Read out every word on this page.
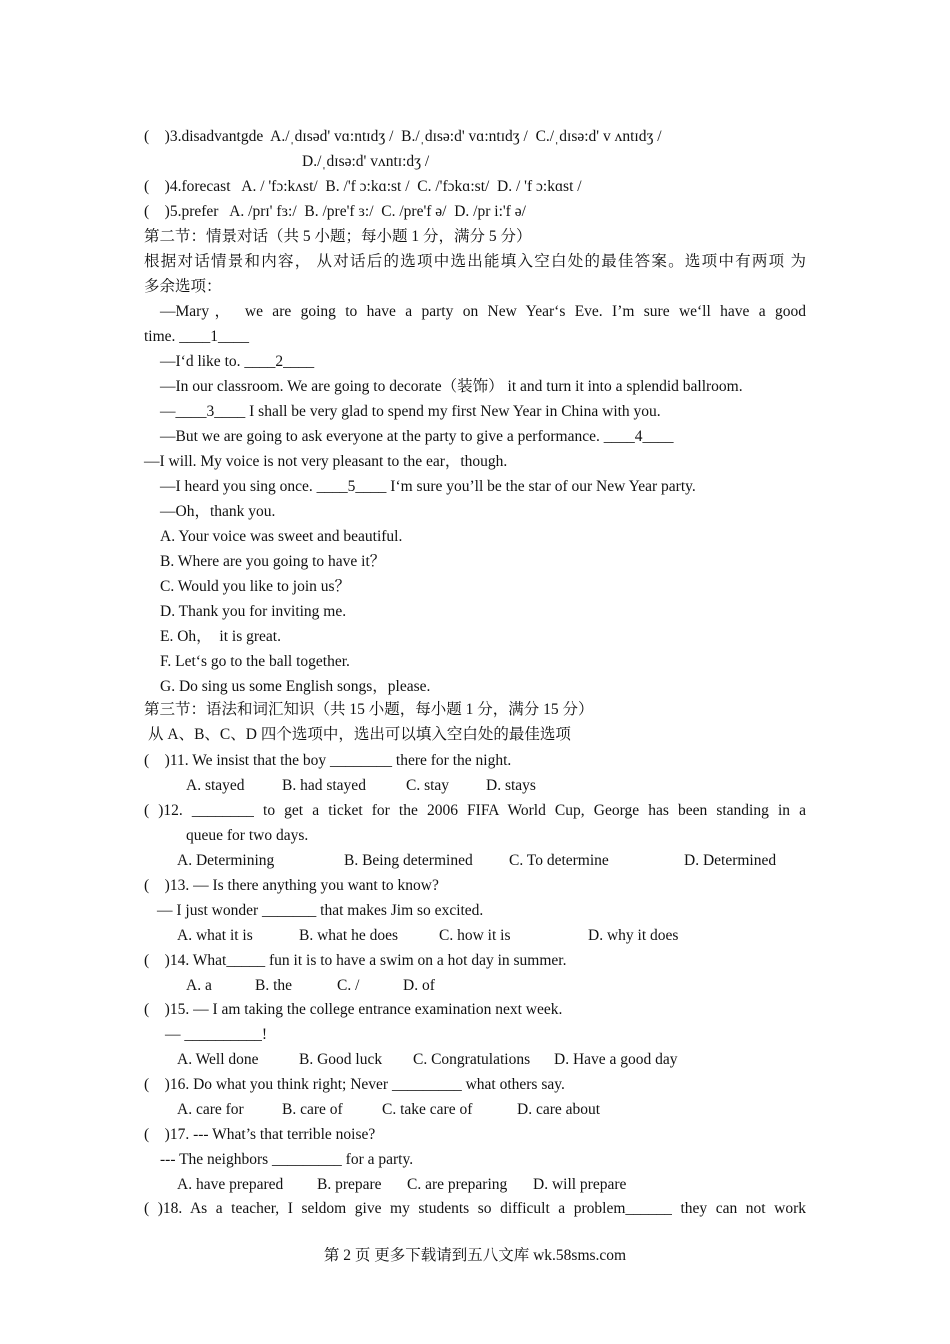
(    )3.disadvantgde  A./ˌdɪsəd' vɑ:ntɪdʒ /  B./ˌdɪsə:d' vɑ:ntɪdʒ /  C./ˌdɪsə:d' v ʌntɪdʒ /
D./ˌdɪsə:d' vʌntɪ:dʒ /
(    )4.forecast   A. / 'fɔ:kʌst/  B. /'f ɔ:kɑ:st /  C. /'fɔkɑ:st/  D. / 'f ɔ:kɑst /
(    )5.prefer   A. /prɪ' fɜ:/  B. /pre'f ɜ:/  C. /pre'f ə/  D. /pr i:'f ə/
第二节：情景对话（共 5 小题；每小题 1 分，满分 5 分）
根据对话情景和内容， 从对话后的选项中选出能填入空白处的最佳答案。选项中有两项 为
多余选项：
—Mary， we are going to have a party on New Year‘s Eve. I’m sure we‘ll have a good
time. ____1____
—I‘d like to. ____2____
—In our classroom. We are going to decorate（装饰） it and turn it into a splendid ballroom.
—____3____ I shall be very glad to spend my first New Year in China with you.
—But we are going to ask everyone at the party to give a performance. ____4____
—I will. My voice is not very pleasant to the ear，though.
—I heard you sing once. ____5____ I‘m sure you’ll be the star of our New Year party.
—Oh，thank you.
A. Your voice was sweet and beautiful.
B. Where are you going to have it？
C. Would you like to join us？
D. Thank you for inviting me.
E. Oh，  it is great.
F. Let‘s go to the ball together.
G. Do sing us some English songs，please.
第三节：语法和词汇知识（共 15 小题，每小题 1 分，满分 15 分）
从 A、B、C、D 四个选项中，选出可以填入空白处的最佳选项
(    )11. We insist that the boy ________ there for the night.
A. stayed B. had stayed	C. stay D. stays
( )12. ________ to get a ticket for the 2006 FIFA World Cup, George has been standing in a
queue for two days.
A. Determining	B. Being determined C. To determine	D. Determined
(    )13. — Is there anything you want to know?
— I just wonder _______ that makes Jim so excited.
A. what it is	B. what he does	C. how it is	D. why it does
(    )14. What_____ fun it is to have a swim on a hot day in summer.
A. a	B. the	C. /	D. of
(    )15. — I am taking the college entrance examination next week.
— __________!
A. Well done	B. Good luck C. Congratulations D. Have a good day
(    )16. Do what you think right; Never _________ what others say.
A. care for B. care of	C. take care of	D. care about
(    )17. --- What’s that terrible noise?
--- The neighbors _________ for a party.
A. have prepared B. prepare C. are preparing D. will prepare
( )18. As a teacher, I seldom give my students so difficult a problem______ they can not work
第 2 页 更多下载请到五八文库 wk.58sms.com
